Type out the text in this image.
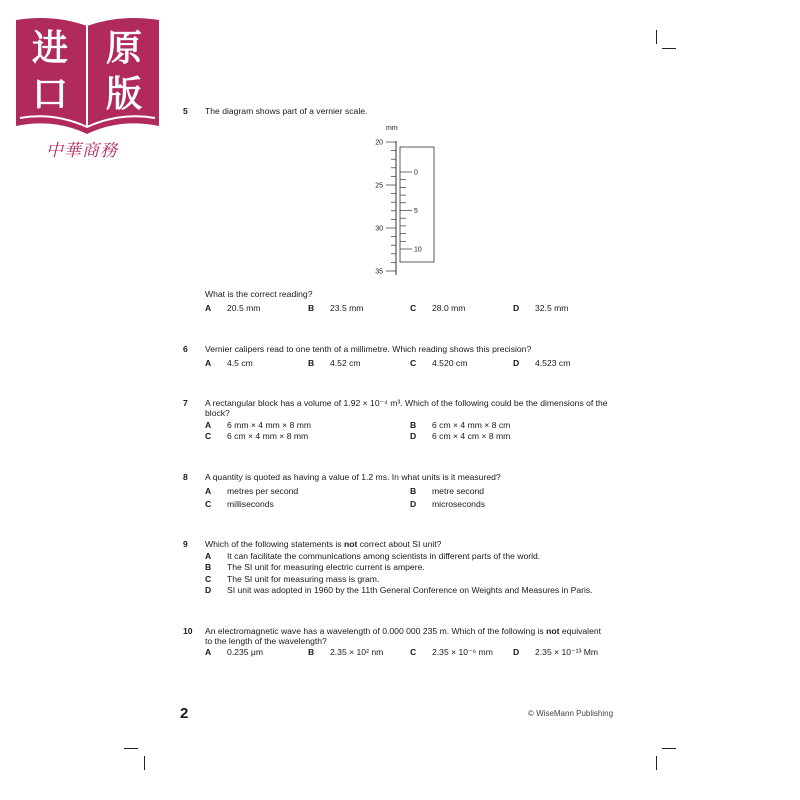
进 原
口 版
中華商務
5 The diagram shows part of a vernier scale.
mm
20
25
30
35
0
5
10
What is the correct reading?
A 20.5 mm	B 23.5 mm	C 28.0 mm	D 32.5 mm
6 Vernier calipers read to one tenth of a millimetre. Which reading shows this precision?
A 4.5 cm	B 4.52 cm	C 4.520 cm	D 4.523 cm
7 A rectangular block has a volume of 1.92 × 10⁻⁴ m³. Which of the following could be the dimensions of the
block?
A 6 mm × 4 mm × 8 mm	B 6 cm × 4 mm × 8 cm
C 6 cm × 4 mm × 8 mm	D 6 cm × 4 cm × 8 mm
8 A quantity is quoted as having a value of 1.2 ms. In what units is it measured?
A metres per second	B metre second
C milliseconds	D microseconds
9 Which of the following statements is not correct about SI unit?
A It can facilitate the communications among scientists in different parts of the world.
B The SI unit for measuring electric current is ampere.
C The SI unit for measuring mass is gram.
D SI unit was adopted in 1960 by the 11th General Conference on Weights and Measures in Paris.
10 An electromagnetic wave has a wavelength of 0.000 000 235 m. Which of the following is not equivalent
to the length of the wavelength?
A 0.235 μm	B 2.35 × 10² nm	C 2.35 × 10⁻⁶ mm D 2.35 × 10⁻¹³ Mm
2	© WiseMann Publishing
